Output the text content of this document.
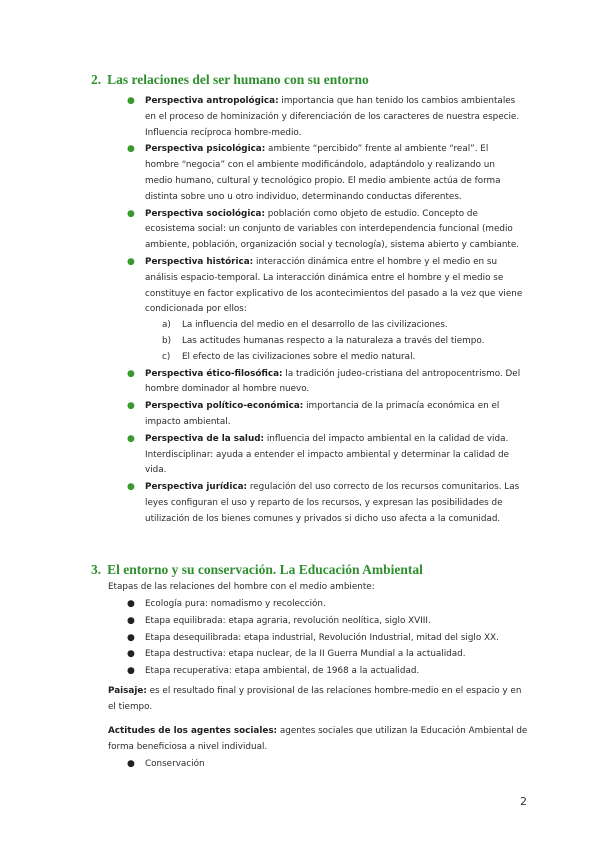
2. Las relaciones del ser humano con su entorno
● Perspectiva antropológica: importancia que han tenido los cambios ambientales en el proceso de hominización y diferenciación de los caracteres de nuestra especie. Influencia recíproca hombre-medio.
● Perspectiva psicológica: ambiente “percibido” frente al ambiente “real”. El hombre “negocia” con el ambiente modificándolo, adaptándolo y realizando un medio humano, cultural y tecnológico propio. El medio ambiente actúa de forma distinta sobre uno u otro individuo, determinando conductas diferentes.
● Perspectiva sociológica: población como objeto de estudio. Concepto de ecosistema social: un conjunto de variables con interdependencia funcional (medio ambiente, población, organización social y tecnología), sistema abierto y cambiante.
● Perspectiva histórica: interacción dinámica entre el hombre y el medio en su análisis espacio-temporal. La interacción dinámica entre el hombre y el medio se constituye en factor explicativo de los acontecimientos del pasado a la vez que viene condicionada por ellos:
a) La influencia del medio en el desarrollo de las civilizaciones.
b) Las actitudes humanas respecto a la naturaleza a través del tiempo.
c) El efecto de las civilizaciones sobre el medio natural.
● Perspectiva ético-filosófica: la tradición judeo-cristiana del antropocentrismo. Del hombre dominador al hombre nuevo.
● Perspectiva político-económica: importancia de la primacía económica en el impacto ambiental.
● Perspectiva de la salud: influencia del impacto ambiental en la calidad de vida. Interdisciplinar: ayuda a entender el impacto ambiental y determinar la calidad de vida.
● Perspectiva jurídica: regulación del uso correcto de los recursos comunitarios. Las leyes configuran el uso y reparto de los recursos, y expresan las posibilidades de utilización de los bienes comunes y privados si dicho uso afecta a la comunidad.
3. El entorno y su conservación. La Educación Ambiental

Etapas de las relaciones del hombre con el medio ambiente:

● Ecología pura: nomadismo y recolección.
● Etapa equilibrada: etapa agraria, revolución neolítica, siglo XVIII.
● Etapa desequilibrada: etapa industrial, Revolución Industrial, mitad del siglo XX.
● Etapa destructiva: etapa nuclear, de la II Guerra Mundial a la actualidad.
● Etapa recuperativa: etapa ambiental, de 1968 a la actualidad.

Paisaje: es el resultado final y provisional de las relaciones hombre-medio en el espacio y en el tiempo.

Actitudes de los agentes sociales: agentes sociales que utilizan la Educación Ambiental de forma beneficiosa a nivel individual.

● Conservación
2
